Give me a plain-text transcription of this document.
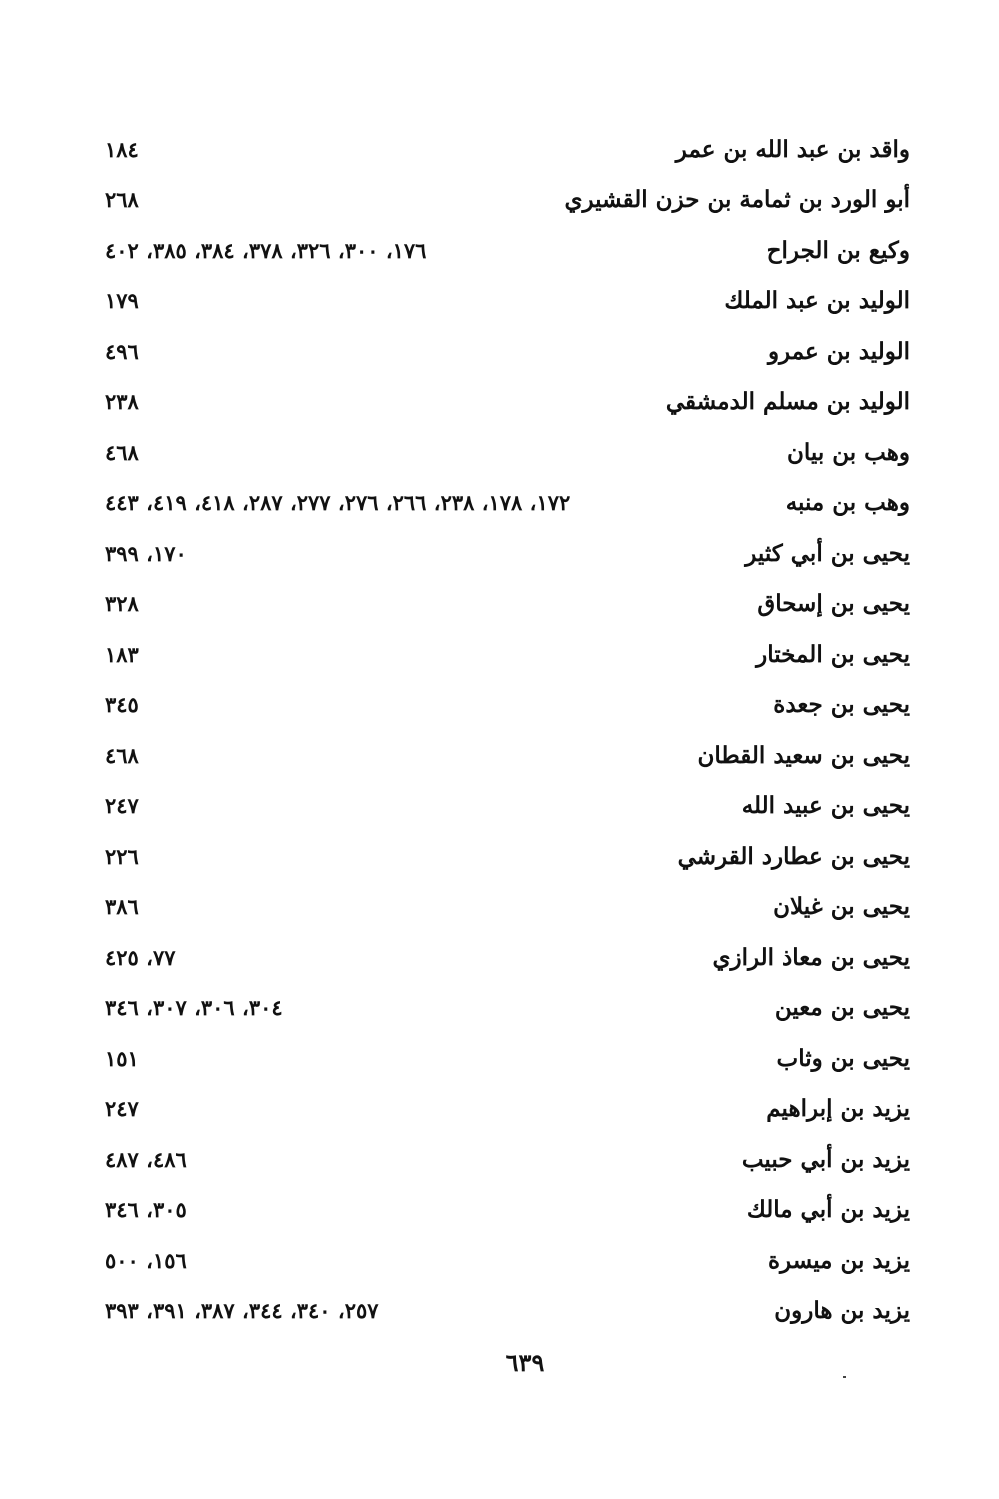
واقد بن عبد الله بن عمر
١٨٤
أبو الورد بن ثمامة بن حزن القشيري
٢٦٨
وكيع بن الجراح
١٧٦، ٣٠٠، ٣٢٦، ٣٧٨، ٣٨٤، ٣٨٥، ٤٠٢
الوليد بن عبد الملك
١٧٩
الوليد بن عمرو
٤٩٦
الوليد بن مسلم الدمشقي
٢٣٨
وهب بن بيان
٤٦٨
وهب بن منبه
١٧٢، ١٧٨، ٢٣٨، ٢٦٦، ٢٧٦، ٢٧٧، ٢٨٧، ٤١٨، ٤١٩، ٤٤٣
يحيى بن أبي كثير
١٧٠، ٣٩٩
يحيى بن إسحاق
٣٢٨
يحيى بن المختار
١٨٣
يحيى بن جعدة
٣٤٥
يحيى بن سعيد القطان
٤٦٨
يحيى بن عبيد الله
٢٤٧
يحيى بن عطارد القرشي
٢٢٦
يحيى بن غيلان
٣٨٦
يحيى بن معاذ الرازي
٧٧، ٤٢٥
يحيى بن معين
٣٠٤، ٣٠٦، ٣٠٧، ٣٤٦
يحيى بن وثاب
١٥١
يزيد بن إبراهيم
٢٤٧
يزيد بن أبي حبيب
٤٨٦، ٤٨٧
يزيد بن أبي مالك
٣٠٥، ٣٤٦
يزيد بن ميسرة
١٥٦، ٥٠٠
يزيد بن هارون
٢٥٧، ٣٤٠، ٣٤٤، ٣٨٧، ٣٩١، ٣٩٣
٦٣٩
